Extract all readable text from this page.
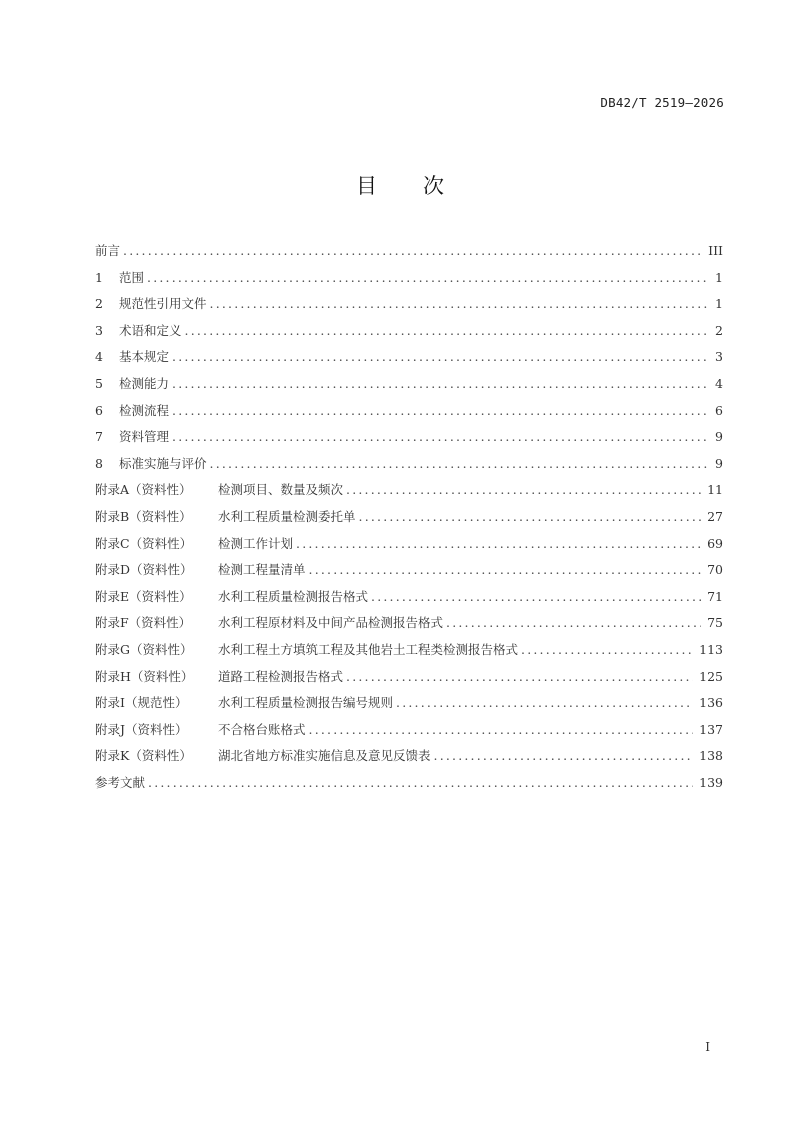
DB42/T 2519—2026
目 次
前言 .....	III
1	范围 .....	1
2	规范性引用文件 .....	1
3	术语和定义 .....	2
4	基本规定 .....	3
5	检测能力 .....	4
6	检测流程 .....	6
7	资料管理 .....	9
8	标准实施与评价 .....	9
附录A（资料性）	检测项目、数量及频次 .....	11
附录B（资料性）	水利工程质量检测委托单 .....	27
附录C（资料性）	检测工作计划 .....	69
附录D（资料性）	检测工程量清单 .....	70
附录E（资料性）	水利工程质量检测报告格式 .....	71
附录F（资料性）	水利工程原材料及中间产品检测报告格式 .....	75
附录G（资料性）	水利工程土方填筑工程及其他岩土工程类检测报告格式 .....	113
附录H（资料性）	道路工程检测报告格式 .....	125
附录I（规范性）	水利工程质量检测报告编号规则 .....	136
附录J（资料性）	不合格台账格式 .....	137
附录K（资料性）	湖北省地方标准实施信息及意见反馈表 .....	138
参考文献 .....	139
I
